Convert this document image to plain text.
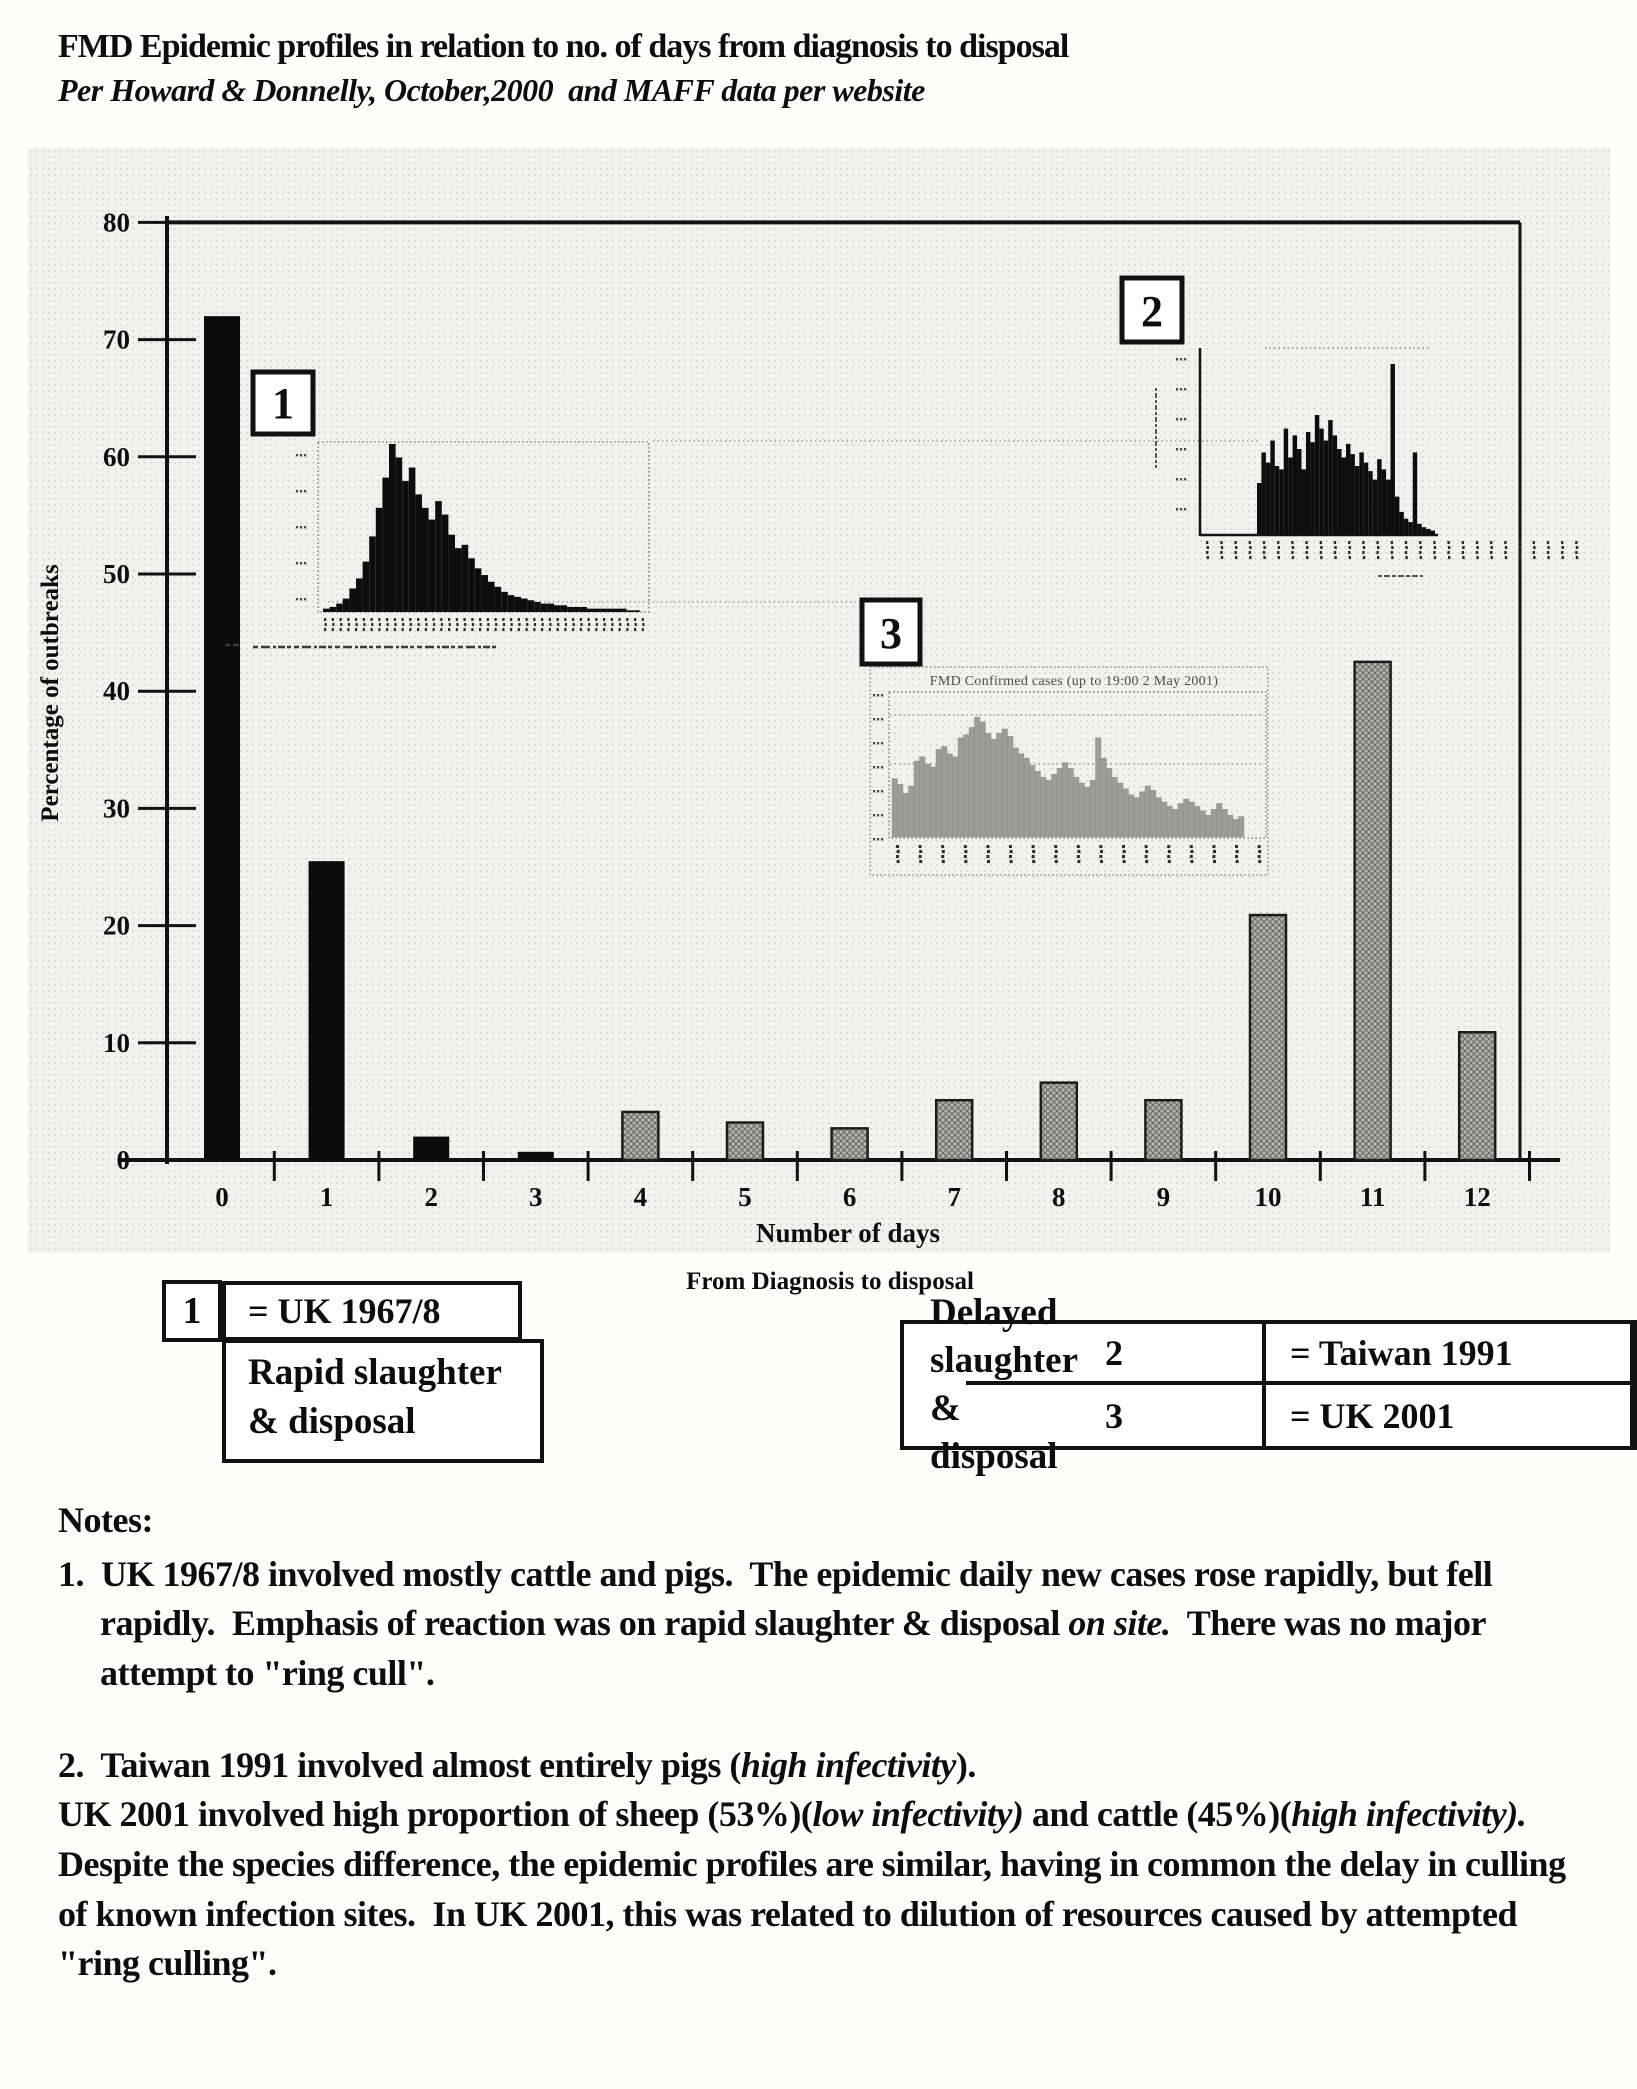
FMD Epidemic profiles in relation to no. of days from diagnosis to disposal
Per Howard & Donnelly, October,2000  and MAFF data per website
0
10
20
30
40
50
60
70
80
0	1	2	3	4	5	6	7	8	9	10	11	12
Percentage of outbreaks
Number of days
1
2
3
FMD Confirmed cases (up to 19:00 2 May 2001)
1	= UK 1967/8
Rapid slaughter
& disposal
From Diagnosis to disposal
2	= Taiwan 1991
Delayed slaughter
& disposal
3	= UK 2001

Notes:

1.  UK 1967/8 involved mostly cattle and pigs.  The epidemic daily new cases rose rapidly, but fell rapidly.  Emphasis of reaction was on rapid slaughter & disposal on site.  There was no major attempt to "ring cull".

2.  Taiwan 1991 involved almost entirely pigs (high infectivity).
UK 2001 involved high proportion of sheep (53%)(low infectivity) and cattle (45%)(high infectivity).  Despite the species difference, the epidemic profiles are similar, having in common the delay in culling of known infection sites.  In UK 2001, this was related to dilution of resources caused by attempted "ring culling".
